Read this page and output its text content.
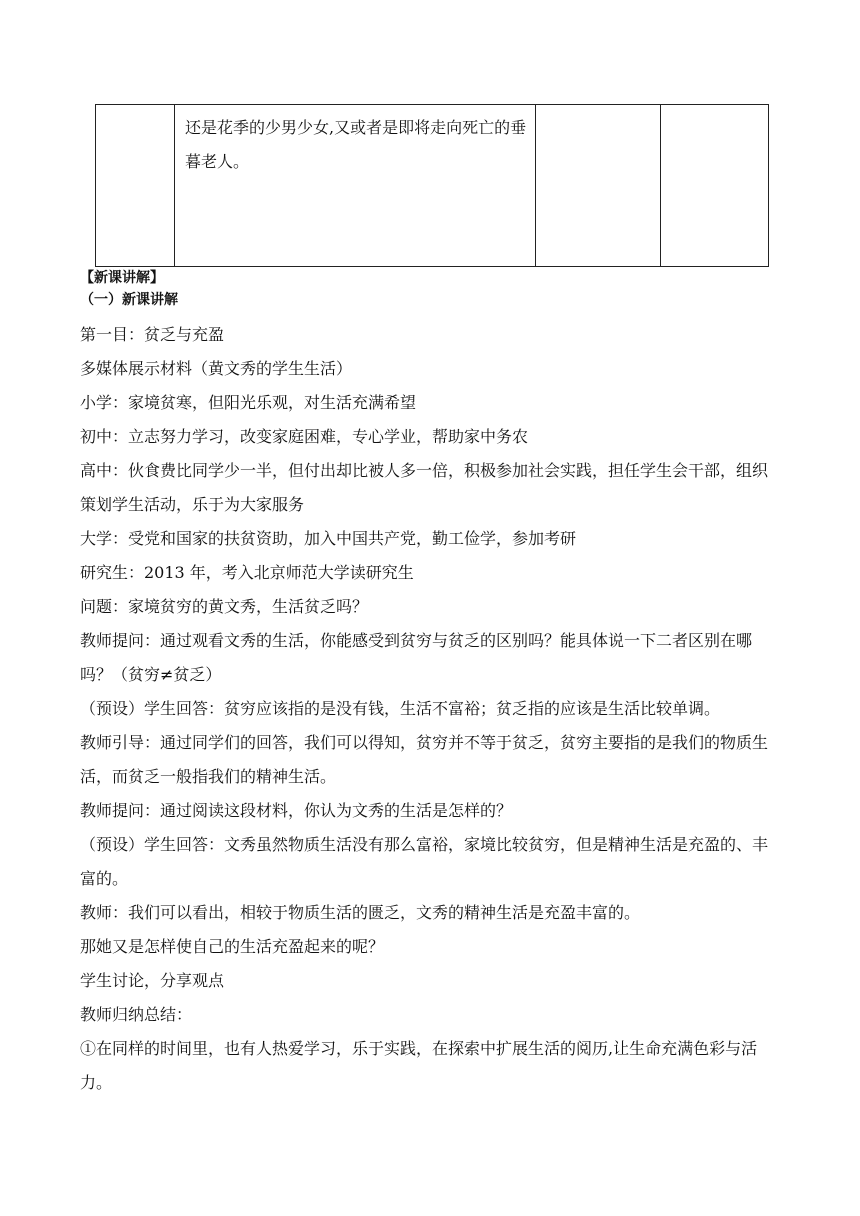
还是花季的少男少女,又或者是即将走向死亡的垂暮老人。

【新课讲解】
（一）新课讲解

第一目：贫乏与充盈

多媒体展示材料（黄文秀的学生生活）

小学：家境贫寒，但阳光乐观，对生活充满希望

初中：立志努力学习，改变家庭困难，专心学业，帮助家中务农

高中：伙食费比同学少一半，但付出却比被人多一倍，积极参加社会实践，担任学生会干部，组织策划学生活动，乐于为大家服务

大学：受党和国家的扶贫资助，加入中国共产党，勤工俭学，参加考研

研究生：2013 年，考入北京师范大学读研究生

问题：家境贫穷的黄文秀，生活贫乏吗？

教师提问：通过观看文秀的生活，你能感受到贫穷与贫乏的区别吗？能具体说一下二者区别在哪吗？（贫穷≠贫乏）

（预设）学生回答：贫穷应该指的是没有钱，生活不富裕；贫乏指的应该是生活比较单调。

教师引导：通过同学们的回答，我们可以得知，贫穷并不等于贫乏，贫穷主要指的是我们的物质生活，而贫乏一般指我们的精神生活。

教师提问：通过阅读这段材料，你认为文秀的生活是怎样的？

（预设）学生回答：文秀虽然物质生活没有那么富裕，家境比较贫穷，但是精神生活是充盈的、丰富的。

教师：我们可以看出，相较于物质生活的匮乏，文秀的精神生活是充盈丰富的。

那她又是怎样使自己的生活充盈起来的呢？

学生讨论，分享观点

教师归纳总结：

①在同样的时间里，也有人热爱学习，乐于实践，在探索中扩展生活的阅历,让生命充满色彩与活力。
